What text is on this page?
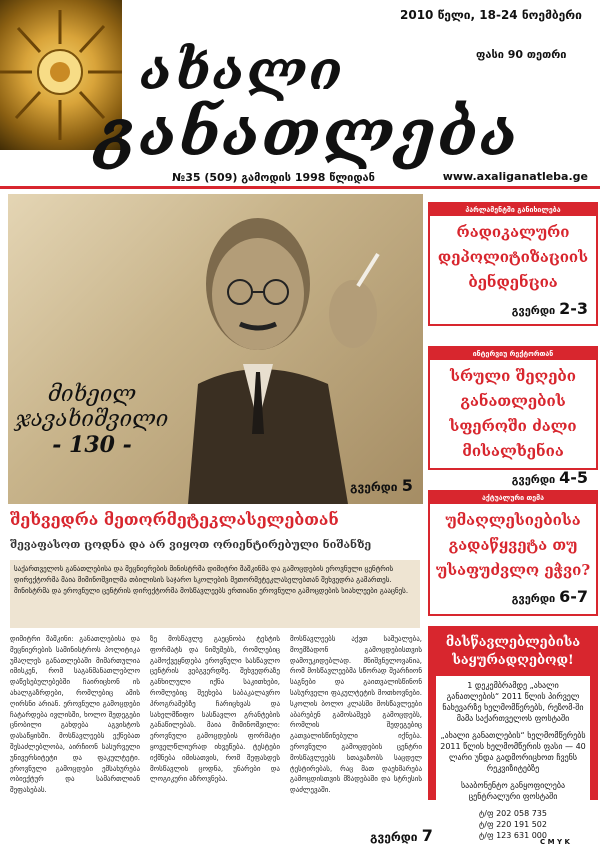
ახალი
განათლება
2010 წელი, 18-24 ნოემბერი
ფასი 90 თეთრი
№35 (509) გამოდის 1998 წლიდან	www.axaliganatleba.ge
მიხეილ
ჯავახიშვილი
- 130 -
გვერდი 5
პარლამენტში განიხილება
რადიკალური დეპოლიტიზაციის ბენდენცია
გვერდი 2-3
ინტერვიუ რექტორთან
სრული შეღები განათლების სფეროში ძალი მისალხენია
გვერდი 4-5
აქტუალური თემა
უმაღლესიებისა გადაწყვეტა თუ უსაფუძვლო ეჭვი?
გვერდი 6-7
მასწავლებლებისა საყურადღებოდ!

1 დეკემბრამდე „ახალი განათლების“ 2011 წლის პირველ ნახევარზე ხელმომწერებს, რეზომ-ში მამა საქართველოს ფოსტაში

„ახალი განათლების“ ხელმომწერებს 2011 წლის ხელმომწერის ფასი — 40 ლარი უნდა გადმორიცხოთ ჩვენს რეკვიზიტებზე

სააბონენტო განყოფილება ცენტრალური ფოსტაში

ტ/ფ 202 058 735
ტ/ფ 220 191 502
ტ/ფ 123 631 000
C M Y K
შეხვედრა მეთორმეტეკლასელებთან
შევაფასოთ ცოდნა და არ ვიყოთ ორიენტირებული ნიშანზე
საქართველოს განათლებისა და მეცნიერების მინისტრმა დიმიტრი შაშკინმა და გამოცდების ეროვნული ცენტრის დირექტორმა მაია მიმინოშვილმა თბილისის საჯარო სკოლების მეთორმეტეკლასელებთან შეხვედრა გამართეს. მინისტრმა და ეროვნული ცენტრის დირექტორმა მოსწავლეებს ერთიანი ეროვნული გამოცდების სიახლეები გააცნეს.
დიმიტრი შაშკინი: განათლებისა და მეცნიერების სამინისტროს პოლიტიკა უმაღლეს განათლებაში მიმართულია იმისკენ, რომ საგანმანათლებლო დაწესებულებებში ჩაირიცხონ ის ახალგაზრდები, რომლებიც ამის ღირსნი არიან. ეროვნული გამოცდები ჩატარდება ივლისში, ხოლო შედეგები ცნობილი გახდება აგვისტოს დასაწყისში. მოსწავლეებს ექნებათ შესაძლებლობა, აირჩიონ სასურველი უნივერსიტეტი და ფაკულტეტი. ეროვნული გამოცდები ემსახურება ობიექტურ და სამართლიან შეფასებას.
ზე მოსწავლე გაეცნობა ტესტის ფორმატს და ნიმუშებს, რომლებიც გამოქვეყნდება ეროვნული სასწავლო ცენტრის ვებგვერდზე. შეხვედრაზე განხილული იქნა საკითხები, რომლებიც შეეხება საბაკალავრო პროგრამებზე ჩარიცხვას და სახელმწიფო სასწავლო გრანტების განაწილებას. მაია მიმინოშვილი: ეროვნული გამოცდების ფორმატი ყოველწლიურად იხვეწება. ტესტები იქმნება იმისათვის, რომ შეფასდეს მოსწავლის ცოდნა, უნარები და ლოგიკური აზროვნება.
მოსწავლეებს აქვთ საშუალება, მოემზადონ გამოცდებისთვის დამოუკიდებლად. მნიშვნელოვანია, რომ მოსწავლეებმა სწორად შეარჩიონ საგნები და გაითვალისწინონ სასურველი ფაკულტეტის მოთხოვნები. სკოლის ბოლო კლასში მოსწავლეები აბარებენ გამოსაშვებ გამოცდებს, რომლის შედეგებიც გათვალისწინებული იქნება. ეროვნული გამოცდების ცენტრი მოსწავლეებს სთავაზობს საცდელ ტესტირებას, რაც მათ დაეხმარება გამოცდისთვის მზადებაში და სტრესის დაძლევაში.
გვერდი 7
